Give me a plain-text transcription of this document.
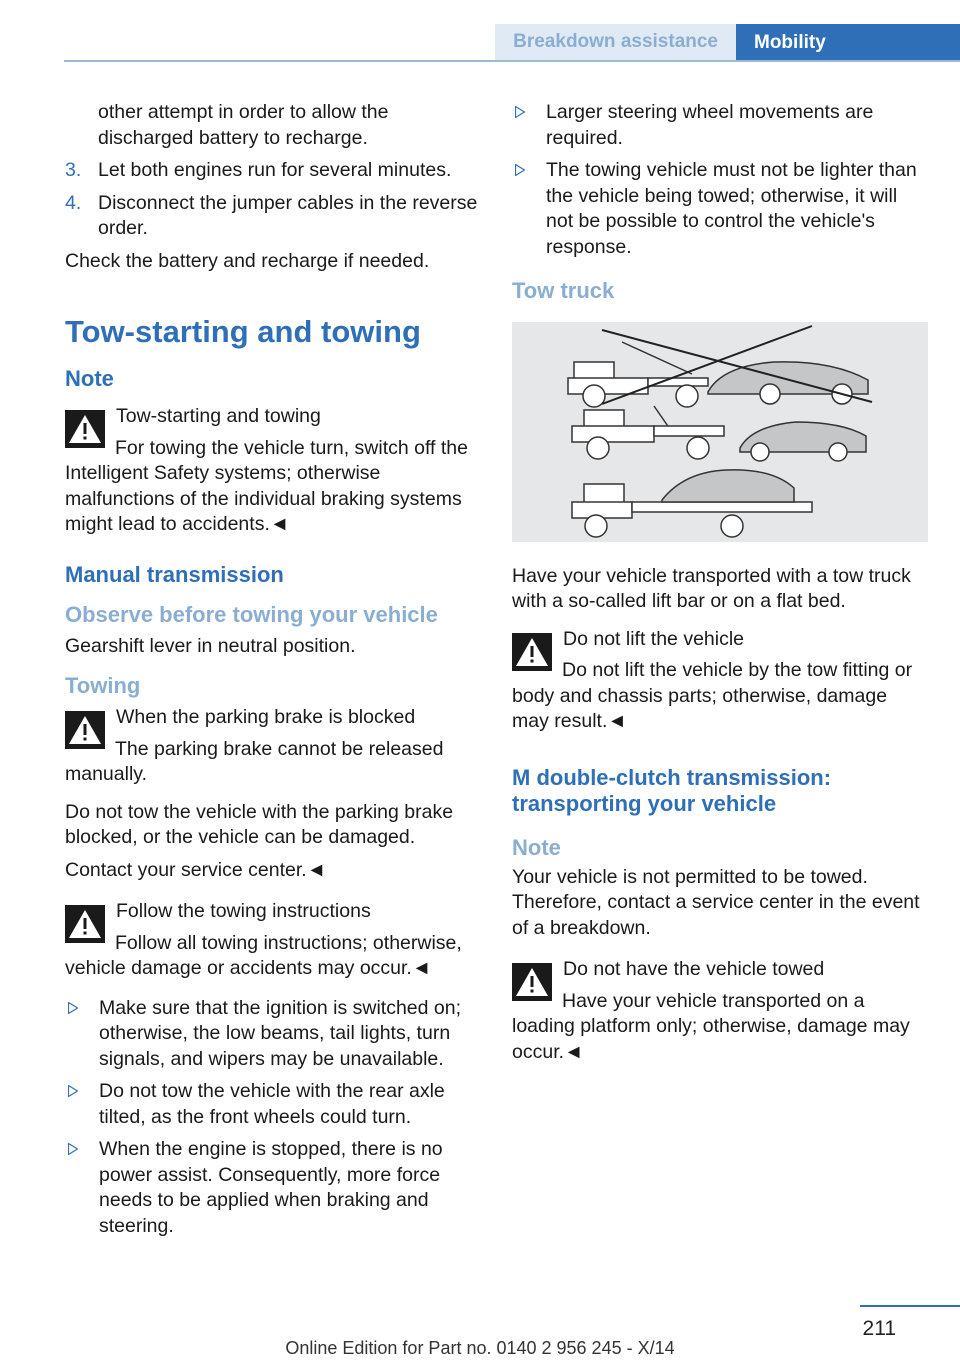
Breakdown assistance	Mobility

other attempt in order to allow the discharged battery to recharge.

3. Let both engines run for several minutes.
4. Disconnect the jumper cables in the reverse order.

Check the battery and recharge if needed.

Tow-starting and towing
Note
Tow-starting and towing

For towing the vehicle turn, switch off the Intelligent Safety systems; otherwise malfunctions of the individual braking systems might lead to accidents.◄

Manual transmission
Observe before towing your vehicle

Gearshift lever in neutral position.

Towing
When the parking brake is blocked

The parking brake cannot be released manually.

Do not tow the vehicle with the parking brake blocked, or the vehicle can be damaged.

Contact your service center.◄

Follow the towing instructions

Follow all towing instructions; otherwise, vehicle damage or accidents may occur.◄

Make sure that the ignition is switched on; otherwise, the low beams, tail lights, turn signals, and wipers may be unavailable.
Do not tow the vehicle with the rear axle tilted, as the front wheels could turn.
When the engine is stopped, there is no power assist. Consequently, more force needs to be applied when braking and steering.
Larger steering wheel movements are required.
The towing vehicle must not be lighter than the vehicle being towed; otherwise, it will not be possible to control the vehicle's response.
Tow truck

Have your vehicle transported with a tow truck with a so-called lift bar or on a flat bed.

Do not lift the vehicle

Do not lift the vehicle by the tow fitting or body and chassis parts; otherwise, damage may result.◄

M double-clutch transmission: transporting your vehicle
Note

Your vehicle is not permitted to be towed. Therefore, contact a service center in the event of a breakdown.

Do not have the vehicle towed

Have your vehicle transported on a loading platform only; otherwise, damage may occur.◄

211
Online Edition for Part no. 0140 2 956 245 - X/14
